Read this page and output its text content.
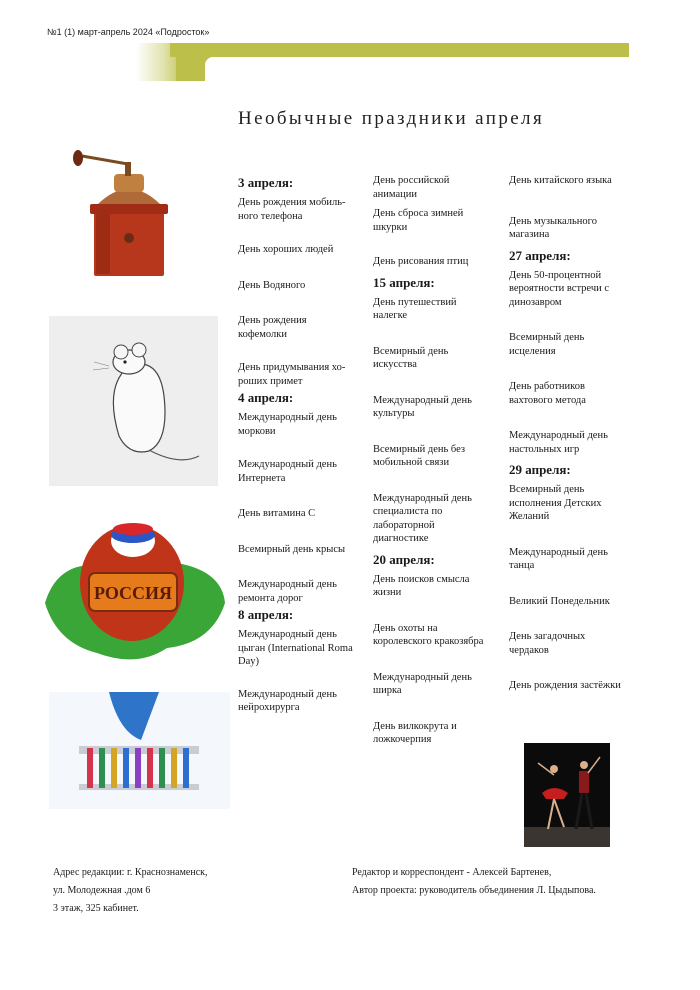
№1 (1) март-апрель 2024 «Подросток»
Необычные праздники апреля

3 апреля:

День рождения мобиль-
ного телефона

День хороших людей

День Водяного

День рождения
кофемолки

День придумывания хо-
роших примет

4 апреля:

Международный день
моркови

Международный день
Интернета

День витамина С

Всемирный день крысы

Международный день
ремонта дорог

8 апреля:

Международный день
цыган (International Roma
Day)

Международный день
нейрохирурга

День российской
анимации

День сброса зимней
шкурки

День рисования птиц

15 апреля:

День путешествий
налегке

Всемирный день
искусства

Международный день
культуры

Всемирный день без
мобильной связи

Международный день
специалиста по
лабораторной
диагностике

20 апреля:

День поисков смысла
жизни

День охоты на
королевского кракозябра

Международный день
ширка

День вилкокрута и
ложкочерпия

День китайского языка

День музыкального
магазина

27 апреля:

День 50-процентной
вероятности встречи с
динозавром

Всемирный день
исцеления

День работников
вахтового метода

Международный день
настольных игр

29 апреля:

Всемирный день
исполнения Детских
Желаний

Международный день
танца

Великий Понедельник

День загадочных
чердаков

День рождения застёжки

РОССИЯ

Адрес редакции: г. Краснознаменск,

ул. Молодежная .дом 6

3 этаж, 325 кабинет.

Редактор и корреспондент - Алексей Бартенев,

Автор проекта: руководитель объединения Л. Цыдыпова.
